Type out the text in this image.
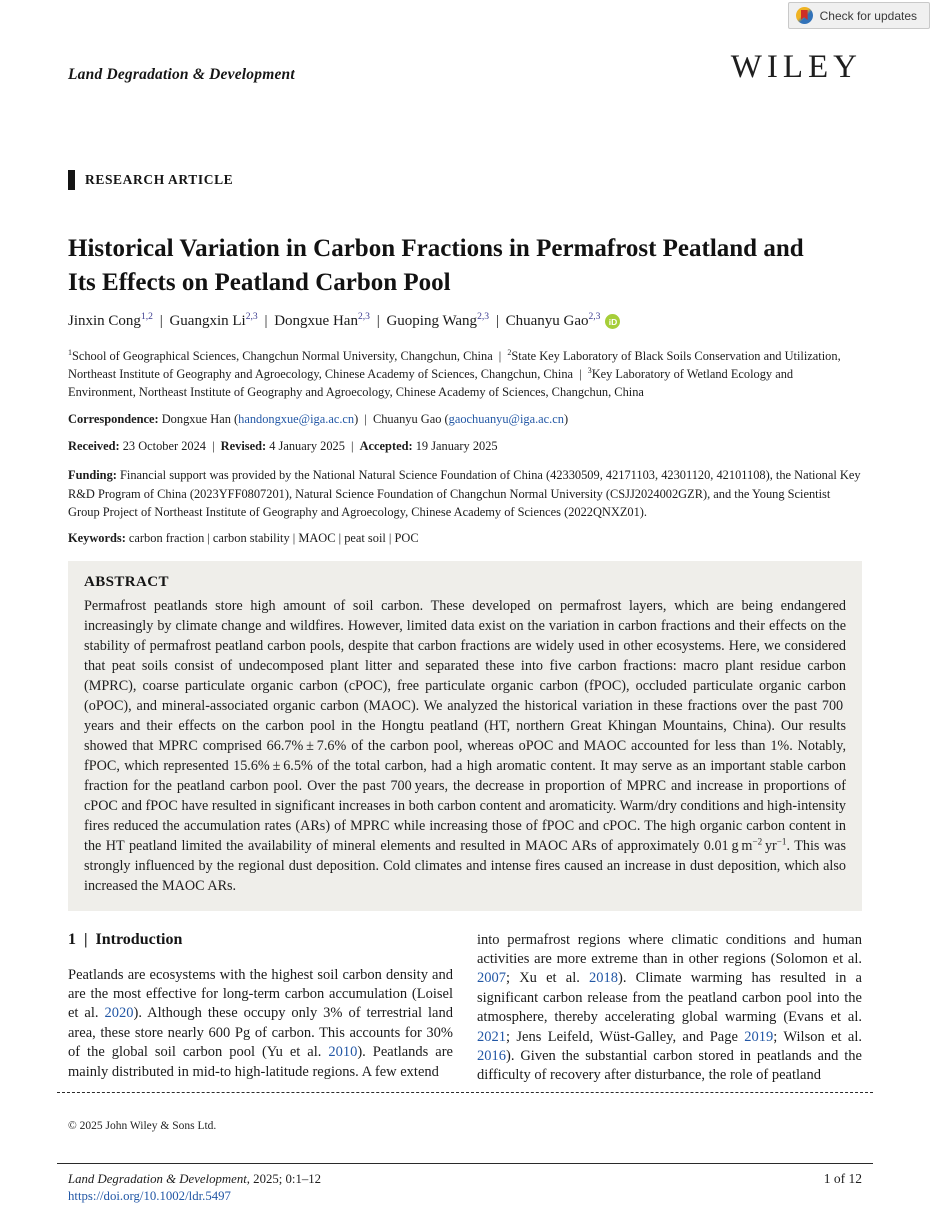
Check for updates
Land Degradation & Development	WILEY
RESEARCH ARTICLE
Historical Variation in Carbon Fractions in Permafrost Peatland and Its Effects on Peatland Carbon Pool
Jinxin Cong$^{1,2}$ | Guangxin Li$^{2,3}$ | Dongxue Han$^{2,3}$ | Guoping Wang$^{2,3}$ | Chuanyu Gao$^{2,3}$ iD
$^1$School of Geographical Sciences, Changchun Normal University, Changchun, China | $^2$State Key Laboratory of Black Soils Conservation and Utilization, Northeast Institute of Geography and Agroecology, Chinese Academy of Sciences, Changchun, China | $^3$Key Laboratory of Wetland Ecology and Environment, Northeast Institute of Geography and Agroecology, Chinese Academy of Sciences, Changchun, China
Correspondence: Dongxue Han (handongxue@iga.ac.cn) | Chuanyu Gao (gaochuanyu@iga.ac.cn)
Received: 23 October 2024 | Revised: 4 January 2025 | Accepted: 19 January 2025
Funding: Financial support was provided by the National Natural Science Foundation of China (42330509, 42171103, 42301120, 42101108), the National Key R&D Program of China (2023YFF0807201), Natural Science Foundation of Changchun Normal University (CSJJ2024002GZR), and the Young Scientist Group Project of Northeast Institute of Geography and Agroecology, Chinese Academy of Sciences (2022QNXZ01).
Keywords: carbon fraction | carbon stability | MAOC | peat soil | POC
ABSTRACT
Permafrost peatlands store high amount of soil carbon. These developed on permafrost layers, which are being endangered increasingly by climate change and wildfires. However, limited data exist on the variation in carbon fractions and their effects on the stability of permafrost peatland carbon pools, despite that carbon fractions are widely used in other ecosystems. Here, we considered that peat soils consist of undecomposed plant litter and separated these into five carbon fractions: macro plant residue carbon (MPRC), coarse particulate organic carbon (cPOC), free particulate organic carbon (fPOC), occluded particulate organic carbon (oPOC), and mineral-associated organic carbon (MAOC). We analyzed the historical variation in these fractions over the past 700 years and their effects on the carbon pool in the Hongtu peatland (HT, northern Great Khingan Mountains, China). Our results showed that MPRC comprised 66.7% ± 7.6% of the carbon pool, whereas oPOC and MAOC accounted for less than 1%. Notably, fPOC, which represented 15.6% ± 6.5% of the total carbon, had a high aromatic content. It may serve as an important stable carbon fraction for the peatland carbon pool. Over the past 700 years, the decrease in proportion of MPRC and increase in proportions of cPOC and fPOC have resulted in significant increases in both carbon content and aromaticity. Warm/dry conditions and high-intensity fires reduced the accumulation rates (ARs) of MPRC while increasing those of fPOC and cPOC. The high organic carbon content in the HT peatland limited the availability of mineral elements and resulted in MAOC ARs of approximately 0.01 g $m^{-2}$ $yr^{-1}$. This was strongly influenced by the regional dust deposition. Cold climates and intense fires caused an increase in dust deposition, which also increased the MAOC ARs.
1 | Introduction
Peatlands are ecosystems with the highest soil carbon density and are the most effective for long-term carbon accumulation (Loisel et al. 2020). Although these occupy only 3% of terrestrial land area, these store nearly 600 Pg of carbon. This accounts for 30% of the global soil carbon pool (Yu et al. 2010). Peatlands are mainly distributed in mid-to high-latitude regions. A few extend
into permafrost regions where climatic conditions and human activities are more extreme than in other regions (Solomon et al. 2007; Xu et al. 2018). Climate warming has resulted in a significant carbon release from the peatland carbon pool into the atmosphere, thereby accelerating global warming (Evans et al. 2021; Jens Leifeld, Wüst-Galley, and Page 2019; Wilson et al. 2016). Given the substantial carbon stored in peatlands and the difficulty of recovery after disturbance, the role of peatland
© 2025 John Wiley & Sons Ltd.
Land Degradation & Development, 2025; 0:1–12
https://doi.org/10.1002/ldr.5497
1 of 12
